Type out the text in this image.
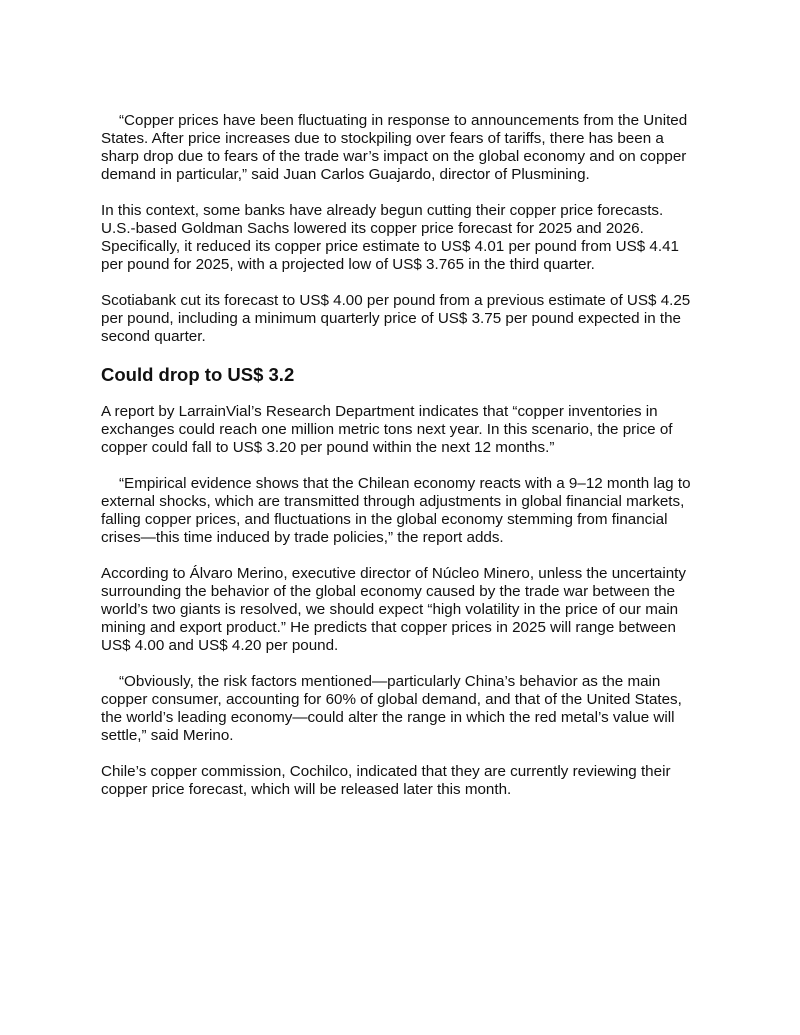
“Copper prices have been fluctuating in response to announcements from the United States. After price increases due to stockpiling over fears of tariffs, there has been a sharp drop due to fears of the trade war’s impact on the global economy and on copper demand in particular,” said Juan Carlos Guajardo, director of Plusmining.

In this context, some banks have already begun cutting their copper price forecasts. U.S.-based Goldman Sachs lowered its copper price forecast for 2025 and 2026. Specifically, it reduced its copper price estimate to US$ 4.01 per pound from US$ 4.41 per pound for 2025, with a projected low of US$ 3.765 in the third quarter.

Scotiabank cut its forecast to US$ 4.00 per pound from a previous estimate of US$ 4.25 per pound, including a minimum quarterly price of US$ 3.75 per pound expected in the second quarter.

Could drop to US$ 3.2

A report by LarrainVial’s Research Department indicates that “copper inventories in exchanges could reach one million metric tons next year. In this scenario, the price of copper could fall to US$ 3.20 per pound within the next 12 months.”

“Empirical evidence shows that the Chilean economy reacts with a 9–12 month lag to external shocks, which are transmitted through adjustments in global financial markets, falling copper prices, and fluctuations in the global economy stemming from financial crises—this time induced by trade policies,” the report adds.

According to Álvaro Merino, executive director of Núcleo Minero, unless the uncertainty surrounding the behavior of the global economy caused by the trade war between the world’s two giants is resolved, we should expect “high volatility in the price of our main mining and export product.” He predicts that copper prices in 2025 will range between US$ 4.00 and US$ 4.20 per pound.

“Obviously, the risk factors mentioned—particularly China’s behavior as the main copper consumer, accounting for 60% of global demand, and that of the United States, the world’s leading economy—could alter the range in which the red metal’s value will settle,” said Merino.

Chile’s copper commission, Cochilco, indicated that they are currently reviewing their copper price forecast, which will be released later this month.
